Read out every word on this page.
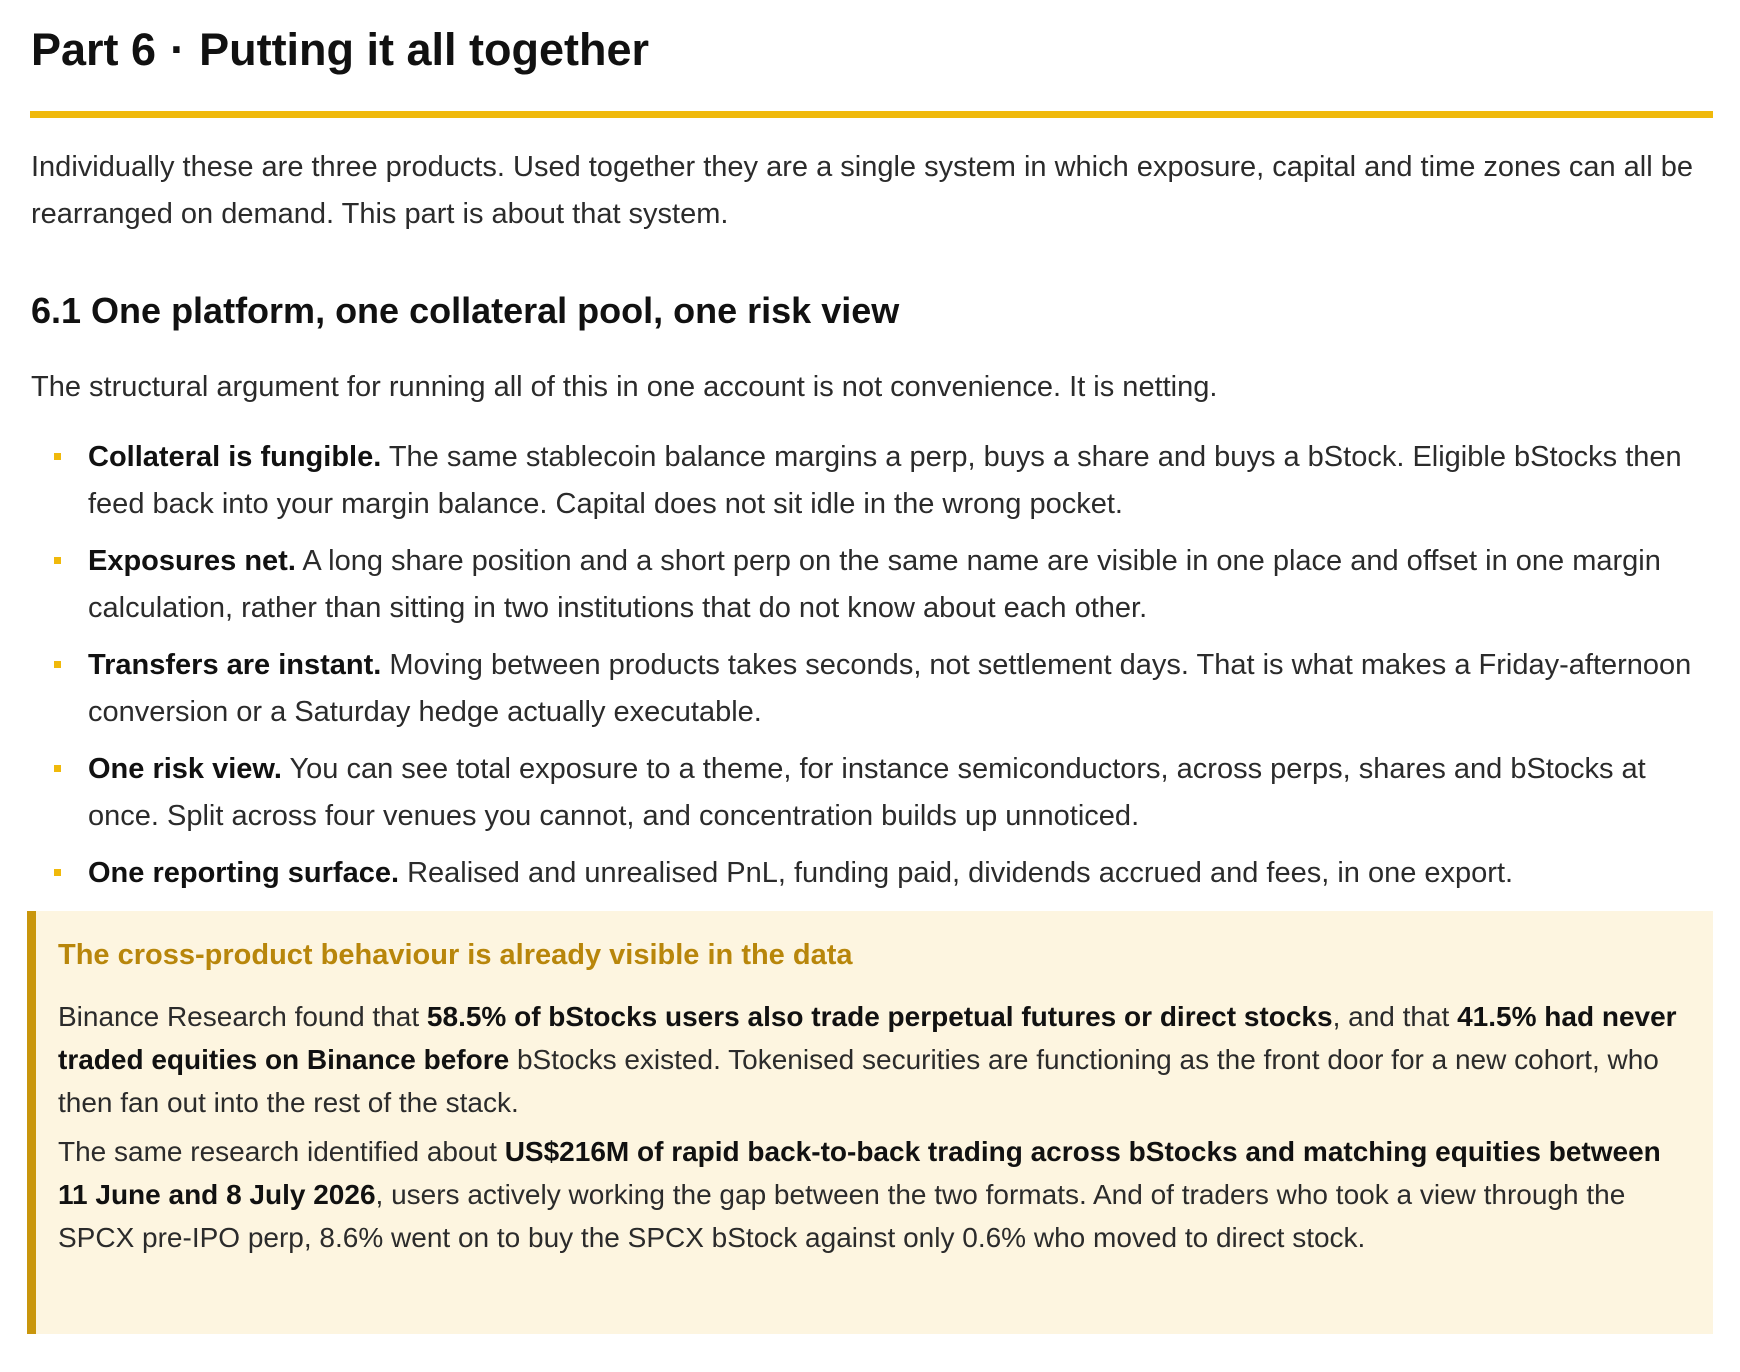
Part 6 · Putting it all together

Individually these are three products. Used together they are a single system in which exposure, capital and time zones can all be rearranged on demand. This part is about that system.

6.1 One platform, one collateral pool, one risk view

The structural argument for running all of this in one account is not convenience. It is netting.

Collateral is fungible. The same stablecoin balance margins a perp, buys a share and buys a bStock. Eligible bStocks then feed back into your margin balance. Capital does not sit idle in the wrong pocket.
Exposures net. A long share position and a short perp on the same name are visible in one place and offset in one margin calculation, rather than sitting in two institutions that do not know about each other.
Transfers are instant. Moving between products takes seconds, not settlement days. That is what makes a Friday-afternoon conversion or a Saturday hedge actually executable.
One risk view. You can see total exposure to a theme, for instance semiconductors, across perps, shares and bStocks at once. Split across four venues you cannot, and concentration builds up unnoticed.
One reporting surface. Realised and unrealised PnL, funding paid, dividends accrued and fees, in one export.
The cross-product behaviour is already visible in the data

Binance Research found that 58.5% of bStocks users also trade perpetual futures or direct stocks, and that 41.5% had never traded equities on Binance before bStocks existed. Tokenised securities are functioning as the front door for a new cohort, who then fan out into the rest of the stack.

The same research identified about US$216M of rapid back-to-back trading across bStocks and matching equities between 11 June and 8 July 2026, users actively working the gap between the two formats. And of traders who took a view through the SPCX pre-IPO perp, 8.6% went on to buy the SPCX bStock against only 0.6% who moved to direct stock.
